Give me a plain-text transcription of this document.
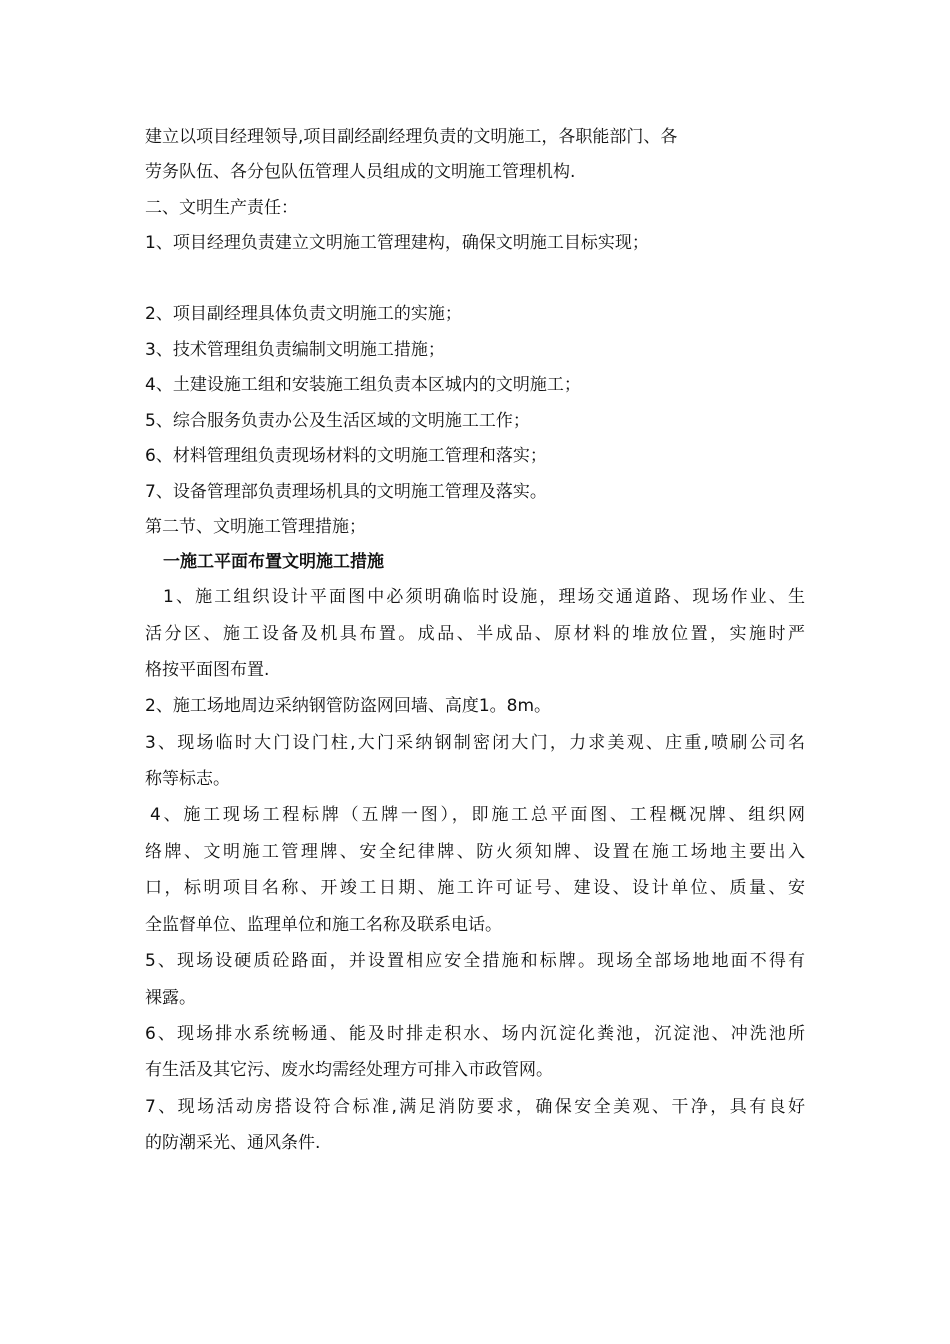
建立以项目经理领导,项目副经副经理负责的文明施工，各职能部门、各
劳务队伍、各分包队伍管理人员组成的文明施工管理机构.
二、文明生产责任：
1、项目经理负责建立文明施工管理建构，确保文明施工目标实现；
2、项目副经理具体负责文明施工的实施；
3、技术管理组负责编制文明施工措施；
4、土建设施工组和安装施工组负责本区城内的文明施工；
5、综合服务负责办公及生活区域的文明施工工作；
6、材料管理组负责现场材料的文明施工管理和落实；
7、设备管理部负责理场机具的文明施工管理及落实。
第二节、文明施工管理措施；
一施工平面布置文明施工措施
1、施工组织设计平面图中必须明确临时设施，理场交通道路、现场作业、生
活分区、施工设备及机具布置。成品、半成品、原材料的堆放位置，实施时严
格按平面图布置.
2、施工场地周边采纳钢管防盗网回墙、高度1。8m。
3、现场临时大门设门柱,大门采纳钢制密闭大门，力求美观、庄重,喷刷公司名
称等标志。
4、施工现场工程标牌（五牌一图），即施工总平面图、工程概况牌、组织网
络牌、文明施工管理牌、安全纪律牌、防火须知牌、设置在施工场地主要出入
口，标明项目名称、开竣工日期、施工许可证号、建设、设计单位、质量、安
全监督单位、监理单位和施工名称及联系电话。
5、现场设硬质砼路面，并设置相应安全措施和标牌。现场全部场地地面不得有
裸露。
6、现场排水系统畅通、能及时排走积水、场内沉淀化粪池，沉淀池、冲洗池所
有生活及其它污、废水均需经处理方可排入市政管网。
7、现场活动房搭设符合标准,满足消防要求，确保安全美观、干净，具有良好
的防潮采光、通风条件.
